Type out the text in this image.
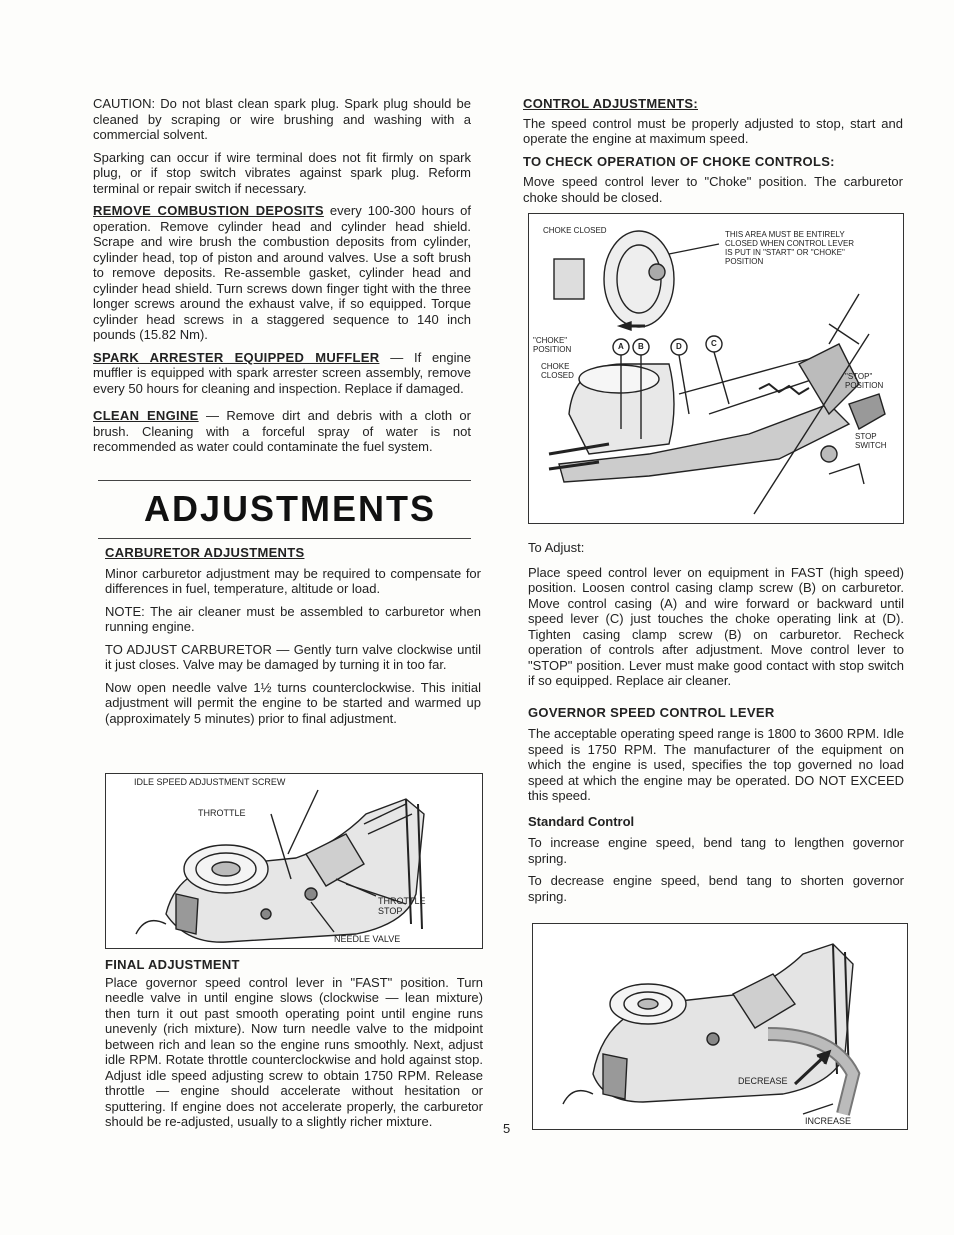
CAUTION: Do not blast clean spark plug. Spark plug should be cleaned by scraping or wire brushing and washing with a commercial solvent.

Sparking can occur if wire terminal does not fit firmly on spark plug, or if stop switch vibrates against spark plug. Reform terminal or repair switch if necessary.

REMOVE COMBUSTION DEPOSITS every 100-300 hours of operation. Remove cylinder head and cylinder head shield. Scrape and wire brush the combustion deposits from cylinder, cylinder head, top of piston and around valves. Use a soft brush to remove deposits. Re-assemble gasket, cylinder head and cylinder head shield. Turn screws down finger tight with the three longer screws around the exhaust valve, if so equipped. Torque cylinder head screws in a staggered sequence to 140 inch pounds (15.82 Nm).

SPARK ARRESTER EQUIPPED MUFFLER — If engine muffler is equipped with spark arrester screen assembly, remove every 50 hours for cleaning and inspection. Replace if damaged.

CLEAN ENGINE — Remove dirt and debris with a cloth or brush. Cleaning with a forceful spray of water is not recommended as water could contaminate the fuel system.

ADJUSTMENTS

CARBURETOR ADJUSTMENTS

Minor carburetor adjustment may be required to compensate for differences in fuel, temperature, altitude or load.

NOTE: The air cleaner must be assembled to carburetor when running engine.

TO ADJUST CARBURETOR — Gently turn valve clockwise until it just closes. Valve may be damaged by turning it in too far.

Now open needle valve 1½ turns counterclockwise. This initial adjustment will permit the engine to be started and warmed up (approximately 5 minutes) prior to final adjustment.

IDLE SPEED ADJUSTMENT SCREW
THROTTLE
THROTTLE
STOP
NEEDLE VALVE

FINAL ADJUSTMENT

Place governor speed control lever in "FAST" position. Turn needle valve in until engine slows (clockwise — lean mixture) then turn it out past smooth operating point until engine runs unevenly (rich mixture). Now turn needle valve to the midpoint between rich and lean so the engine runs smoothly. Next, adjust idle RPM. Rotate throttle counterclockwise and hold against stop. Adjust idle speed adjusting screw to obtain 1750 RPM. Release throttle — engine should accelerate without hesitation or sputtering. If engine does not accelerate properly, the carburetor should be re-adjusted, usually to a slightly richer mixture.

CONTROL ADJUSTMENTS:

The speed control must be properly adjusted to stop, start and operate the engine at maximum speed.

TO CHECK OPERATION OF CHOKE CONTROLS:

Move speed control lever to "Choke" position. The carburetor choke should be closed.

CHOKE CLOSED	THIS AREA MUST BE ENTIRELY
CLOSED WHEN CONTROL LEVER
IS PUT IN "START" OR "CHOKE"
POSITION
"CHOKE"
POSITION
CHOKE
CLOSED	"STOP"
POSITION
STOP
SWITCH
A B	D	C

To Adjust:

Place speed control lever on equipment in FAST (high speed) position. Loosen control casing clamp screw (B) on carburetor. Move control casing (A) and wire forward or backward until speed lever (C) just touches the choke operating link at (D). Tighten casing clamp screw (B) on carburetor. Recheck operation of controls after adjustment. Move control lever to "STOP" position. Lever must make good contact with stop switch if so equipped. Replace air cleaner.

GOVERNOR SPEED CONTROL LEVER

The acceptable operating speed range is 1800 to 3600 RPM. Idle speed is 1750 RPM. The manufacturer of the equipment on which the engine is used, specifies the top governed no load speed at which the engine may be operated. DO NOT EXCEED this speed.

Standard Control

To increase engine speed, bend tang to lengthen governor spring.

To decrease engine speed, bend tang to shorten governor spring.

DECREASE
INCREASE
5
